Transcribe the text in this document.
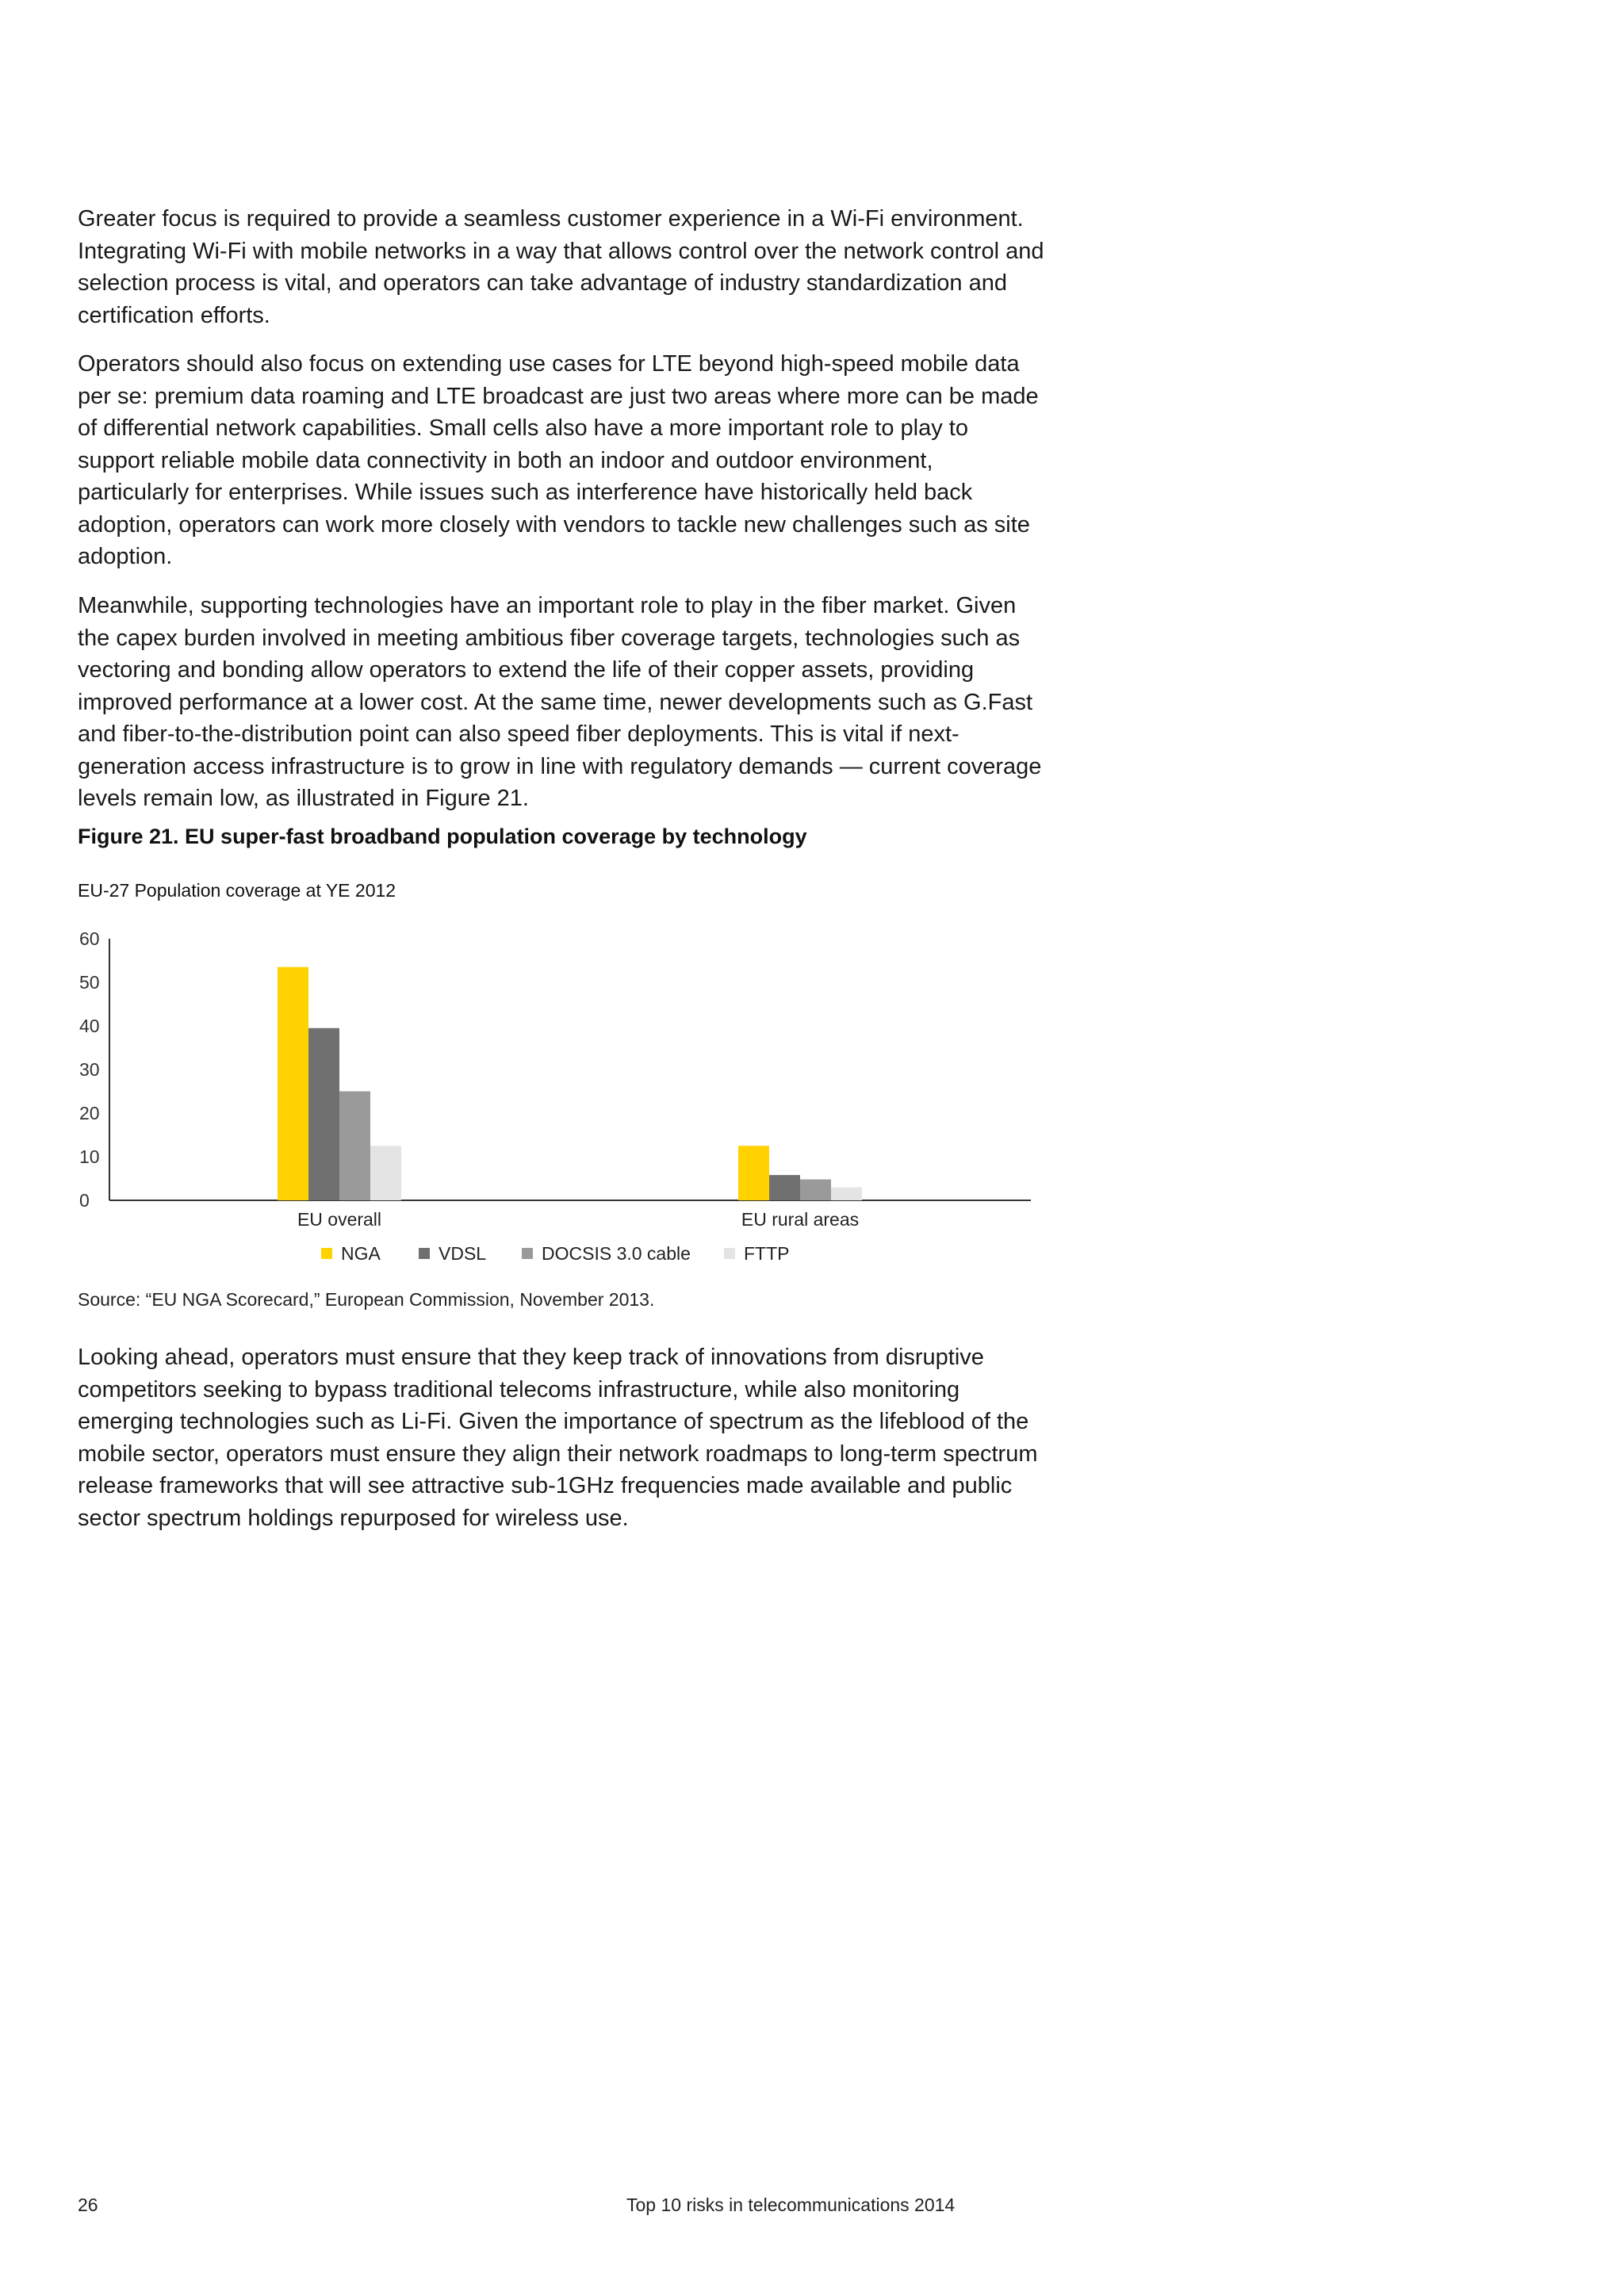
Greater focus is required to provide a seamless customer experience in a Wi-Fi environment. Integrating Wi-Fi with mobile networks in a way that allows control over the network control and selection process is vital, and operators can take advantage of industry standardization and certification efforts.

Operators should also focus on extending use cases for LTE beyond high-speed mobile data per se: premium data roaming and LTE broadcast are just two areas where more can be made of differential network capabilities. Small cells also have a more important role to play to support reliable mobile data connectivity in both an indoor and outdoor environment, particularly for enterprises. While issues such as interference have historically held back adoption, operators can work more closely with vendors to tackle new challenges such as site adoption.

Meanwhile, supporting technologies have an important role to play in the fiber market. Given the capex burden involved in meeting ambitious fiber coverage targets, technologies such as vectoring and bonding allow operators to extend the life of their copper assets, providing improved performance at a lower cost. At the same time, newer developments such as G.Fast and fiber-to-the-distribution point can also speed fiber deployments. This is vital if next-generation access infrastructure is to grow in line with regulatory demands — current coverage levels remain low, as illustrated in Figure 21.

Figure 21. EU super-fast broadband population coverage by technology

EU-27 Population coverage at YE 2012

0
10
20
30
40
50
60
EU overall	EU rural areas
NGA	VDSL	DOCSIS 3.0 cable	FTTP

Source: “EU NGA Scorecard,” European Commission, November 2013.

Looking ahead, operators must ensure that they keep track of innovations from disruptive competitors seeking to bypass traditional telecoms infrastructure, while also monitoring emerging technologies such as Li-Fi. Given the importance of spectrum as the lifeblood of the mobile sector, operators must ensure they align their network roadmaps to long-term spectrum release frameworks that will see attractive sub-1GHz frequencies made available and public sector spectrum holdings repurposed for wireless use.

26	Top 10 risks in telecommunications 2014
